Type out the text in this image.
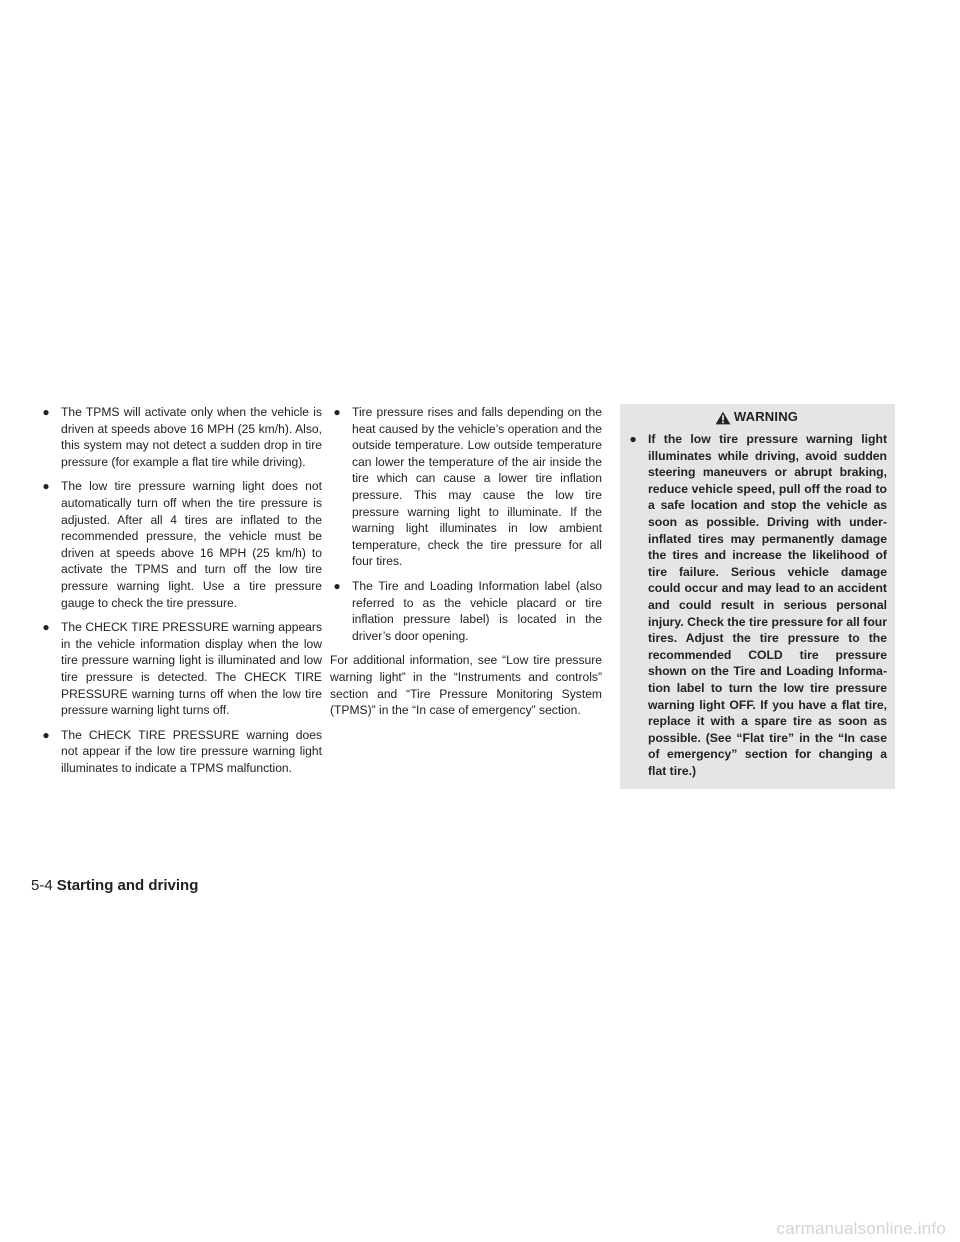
● The TPMS will activate only when the vehicle is driven at speeds above 16 MPH (25 km/h). Also, this system may not detect a sudden drop in tire pressure (for example a flat tire while driving).
● The low tire pressure warning light does not automatically turn off when the tire pressure is adjusted. After all 4 tires are inflated to the recommended pressure, the vehicle must be driven at speeds above 16 MPH (25 km/h) to activate the TPMS and turn off the low tire pressure warning light. Use a tire pressure gauge to check the tire pressure.
● The CHECK TIRE PRESSURE warning appears in the vehicle information display when the low tire pressure warning light is illuminated and low tire pressure is detected. The CHECK TIRE PRESSURE warning turns off when the low tire pressure warning light turns off.
● The CHECK TIRE PRESSURE warning does not appear if the low tire pressure warning light illuminates to indicate a TPMS malfunction.
● Tire pressure rises and falls depending on the heat caused by the vehicle’s operation and the outside temperature. Low outside temperature can lower the temperature of the air inside the tire which can cause a lower tire inflation pressure. This may cause the low tire pressure warning light to illuminate. If the warning light illuminates in low ambient temperature, check the tire pressure for all four tires.
● The Tire and Loading Information label (also referred to as the vehicle placard or tire inflation pressure label) is located in the driver’s door opening.

For additional information, see “Low tire pressure warning light” in the “Instruments and controls” section and “Tire Pressure Monitoring System (TPMS)” in the “In case of emergency” section.

WARNING
● If the low tire pressure warning light illuminates while driving, avoid sudden steering maneuvers or abrupt braking, reduce vehicle speed, pull off the road to a safe location and stop the vehicle as soon as possible. Driving with underinflated tires may permanently damage the tires and increase the likelihood of tire failure. Serious vehicle damage could occur and may lead to an accident and could result in serious personal injury. Check the tire pressure for all four tires. Adjust the tire pressure to the recommended COLD tire pressure shown on the Tire and Loading Information label to turn the low tire pressure warning light OFF. If you have a flat tire, replace it with a spare tire as soon as possible. (See “Flat tire” in the “In case of emergency” section for changing a flat tire.)
5-4 Starting and driving
carmanualsonline.info
